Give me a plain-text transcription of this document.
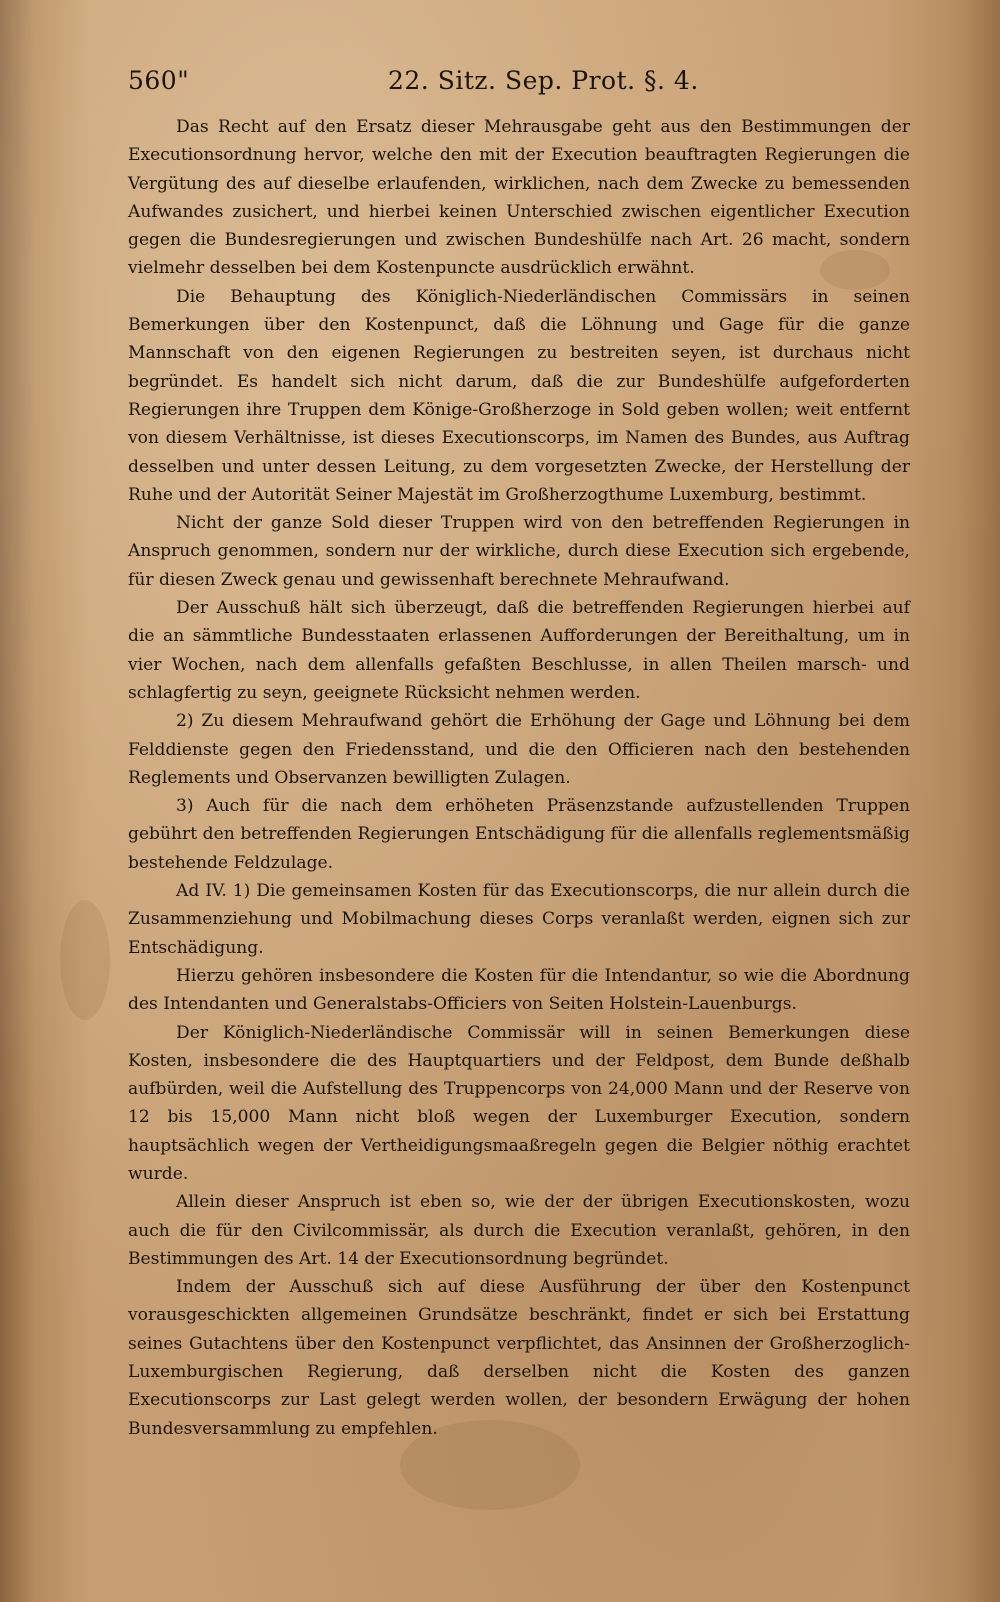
560"	22. Sitz. Sep. Prot. §. 4.

Das Recht auf den Ersatz dieser Mehrausgabe geht aus den Bestimmungen der Executionsordnung hervor, welche den mit der Execution beauftragten Regierungen die Vergütung des auf dieselbe erlaufenden, wirklichen, nach dem Zwecke zu bemessenden Aufwandes zusichert, und hierbei keinen Unterschied zwischen eigentlicher Execution gegen die Bundesregierungen und zwischen Bundeshülfe nach Art. 26 macht, sondern vielmehr desselben bei dem Kostenpuncte ausdrücklich erwähnt.

Die Behauptung des Königlich-Niederländischen Commissärs in seinen Bemerkungen über den Kostenpunct, daß die Löhnung und Gage für die ganze Mannschaft von den eigenen Regierungen zu bestreiten seyen, ist durchaus nicht begründet. Es handelt sich nicht darum, daß die zur Bundeshülfe aufgeforderten Regierungen ihre Truppen dem Könige-Großherzoge in Sold geben wollen; weit entfernt von diesem Verhältnisse, ist dieses Executionscorps, im Namen des Bundes, aus Auftrag desselben und unter dessen Leitung, zu dem vorgesetzten Zwecke, der Herstellung der Ruhe und der Autorität Seiner Majestät im Großherzogthume Luxemburg, bestimmt.

Nicht der ganze Sold dieser Truppen wird von den betreffenden Regierungen in Anspruch genommen, sondern nur der wirkliche, durch diese Execution sich ergebende, für diesen Zweck genau und gewissenhaft berechnete Mehraufwand.

Der Ausschuß hält sich überzeugt, daß die betreffenden Regierungen hierbei auf die an sämmtliche Bundesstaaten erlassenen Aufforderungen der Bereithaltung, um in vier Wochen, nach dem allenfalls gefaßten Beschlusse, in allen Theilen marsch- und schlagfertig zu seyn, geeignete Rücksicht nehmen werden.

2) Zu diesem Mehraufwand gehört die Erhöhung der Gage und Löhnung bei dem Felddienste gegen den Friedensstand, und die den Officieren nach den bestehenden Reglements und Observanzen bewilligten Zulagen.

3) Auch für die nach dem erhöheten Präsenzstande aufzustellenden Truppen gebührt den betreffenden Regierungen Entschädigung für die allenfalls reglementsmäßig bestehende Feldzulage.

Ad IV. 1) Die gemeinsamen Kosten für das Executionscorps, die nur allein durch die Zusammenziehung und Mobilmachung dieses Corps veranlaßt werden, eignen sich zur Entschädigung.

Hierzu gehören insbesondere die Kosten für die Intendantur, so wie die Abordnung des Intendanten und Generalstabs-Officiers von Seiten Holstein-Lauenburgs.

Der Königlich-Niederländische Commissär will in seinen Bemerkungen diese Kosten, insbesondere die des Hauptquartiers und der Feldpost, dem Bunde deßhalb aufbürden, weil die Aufstellung des Truppencorps von 24,000 Mann und der Reserve von 12 bis 15,000 Mann nicht bloß wegen der Luxemburger Execution, sondern hauptsächlich wegen der Vertheidigungsmaaßregeln gegen die Belgier nöthig erachtet wurde.

Allein dieser Anspruch ist eben so, wie der der übrigen Executionskosten, wozu auch die für den Civilcommissär, als durch die Execution veranlaßt, gehören, in den Bestimmungen des Art. 14 der Executionsordnung begründet.

Indem der Ausschuß sich auf diese Ausführung der über den Kostenpunct vorausgeschickten allgemeinen Grundsätze beschränkt, findet er sich bei Erstattung seines Gutachtens über den Kostenpunct verpflichtet, das Ansinnen der Großherzoglich-Luxemburgischen Regierung, daß derselben nicht die Kosten des ganzen Executionscorps zur Last gelegt werden wollen, der besondern Erwägung der hohen Bundesversammlung zu empfehlen.
